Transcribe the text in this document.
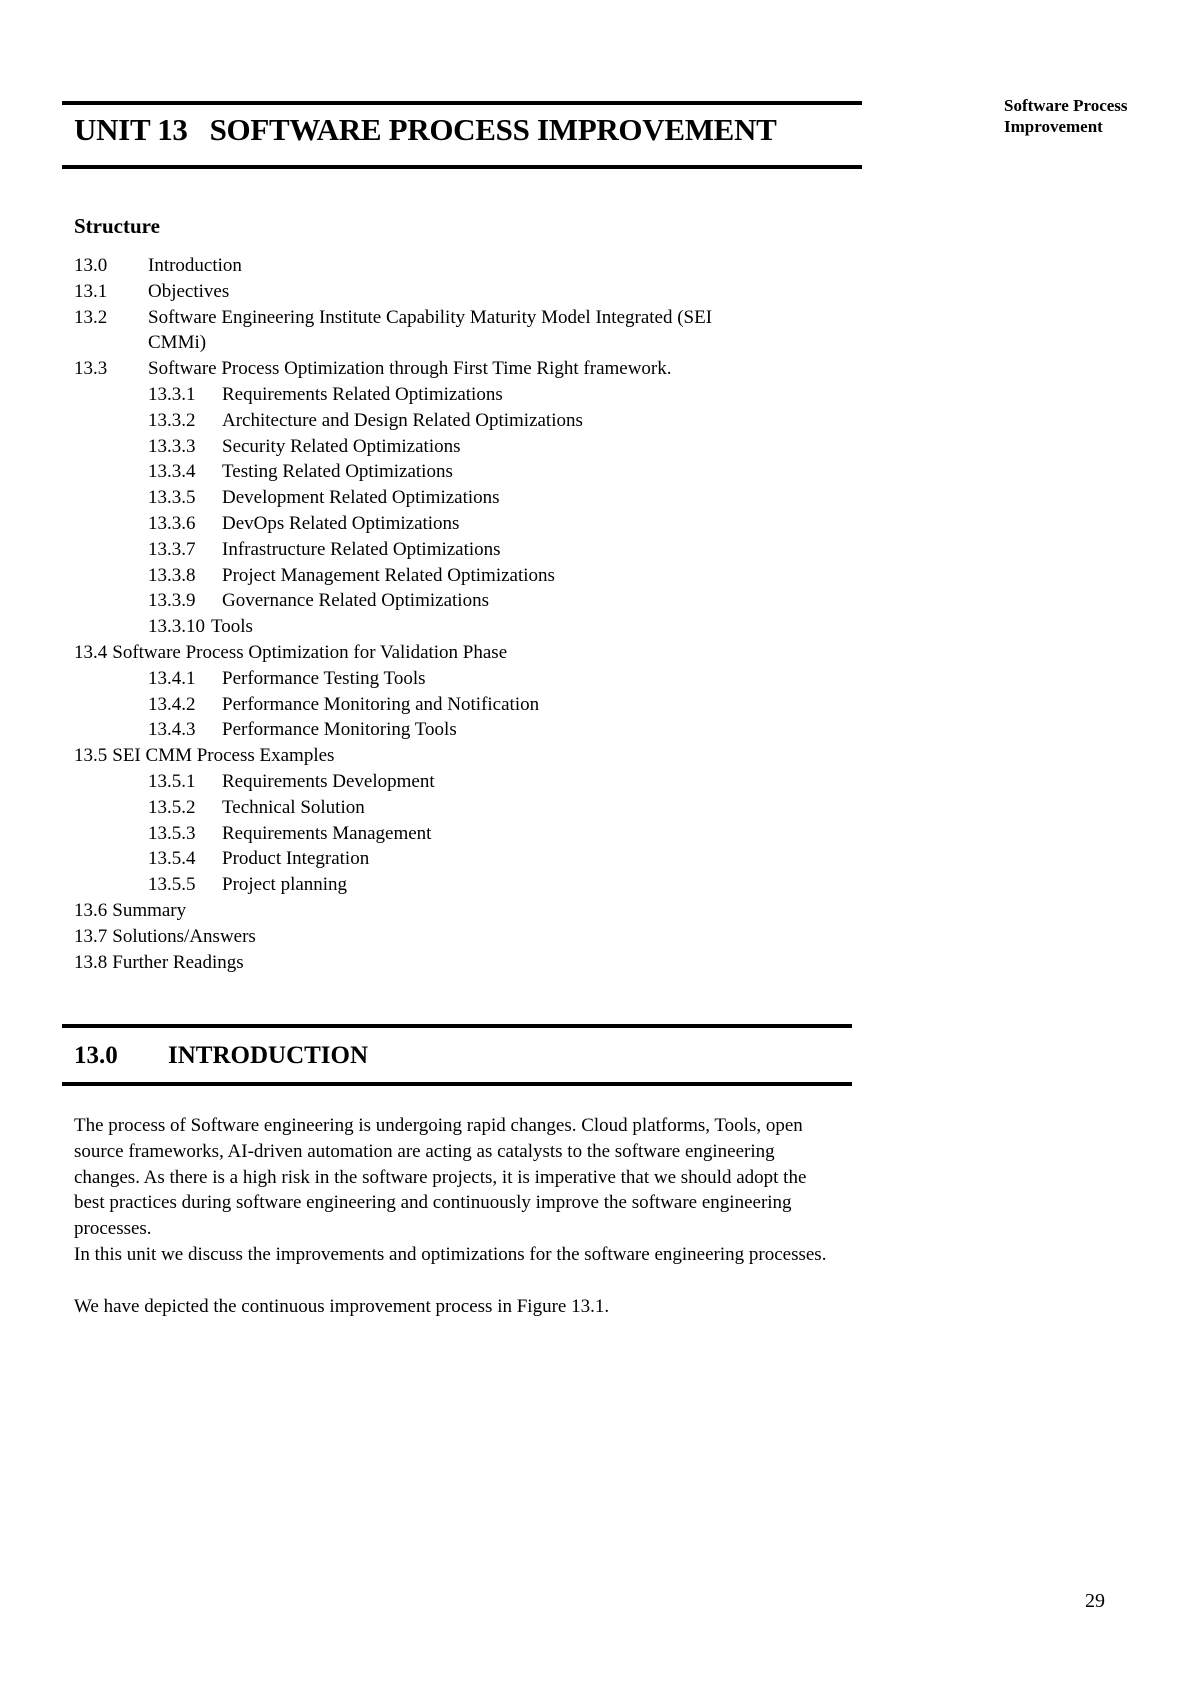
Software Process
Improvement
UNIT 13 SOFTWARE PROCESS IMPROVEMENT
Structure
13.0 Introduction
13.1 Objectives
13.2 Software Engineering Institute Capability Maturity Model Integrated (SEI
CMMi)
13.3 Software Process Optimization through First Time Right framework.
13.3.1 Requirements Related Optimizations
13.3.2 Architecture and Design Related Optimizations
13.3.3 Security Related Optimizations
13.3.4 Testing Related Optimizations
13.3.5 Development Related Optimizations
13.3.6 DevOps Related Optimizations
13.3.7 Infrastructure Related Optimizations
13.3.8 Project Management Related Optimizations
13.3.9 Governance Related Optimizations
13.3.10 Tools
13.4 Software Process Optimization for Validation Phase
13.4.1 Performance Testing Tools
13.4.2 Performance Monitoring and Notification
13.4.3 Performance Monitoring Tools
13.5 SEI CMM Process Examples
13.5.1 Requirements Development
13.5.2 Technical Solution
13.5.3 Requirements Management
13.5.4 Product Integration
13.5.5 Project planning
13.6 Summary
13.7 Solutions/Answers
13.8 Further Readings
13.0 INTRODUCTION

The process of Software engineering is undergoing rapid changes. Cloud platforms, Tools, open source frameworks, AI-driven automation are acting as catalysts to the software engineering changes. As there is a high risk in the software projects, it is imperative that we should adopt the best practices during software engineering and continuously improve the software engineering processes.

In this unit we discuss the improvements and optimizations for the software engineering processes.

We have depicted the continuous improvement process in Figure 13.1.

29
